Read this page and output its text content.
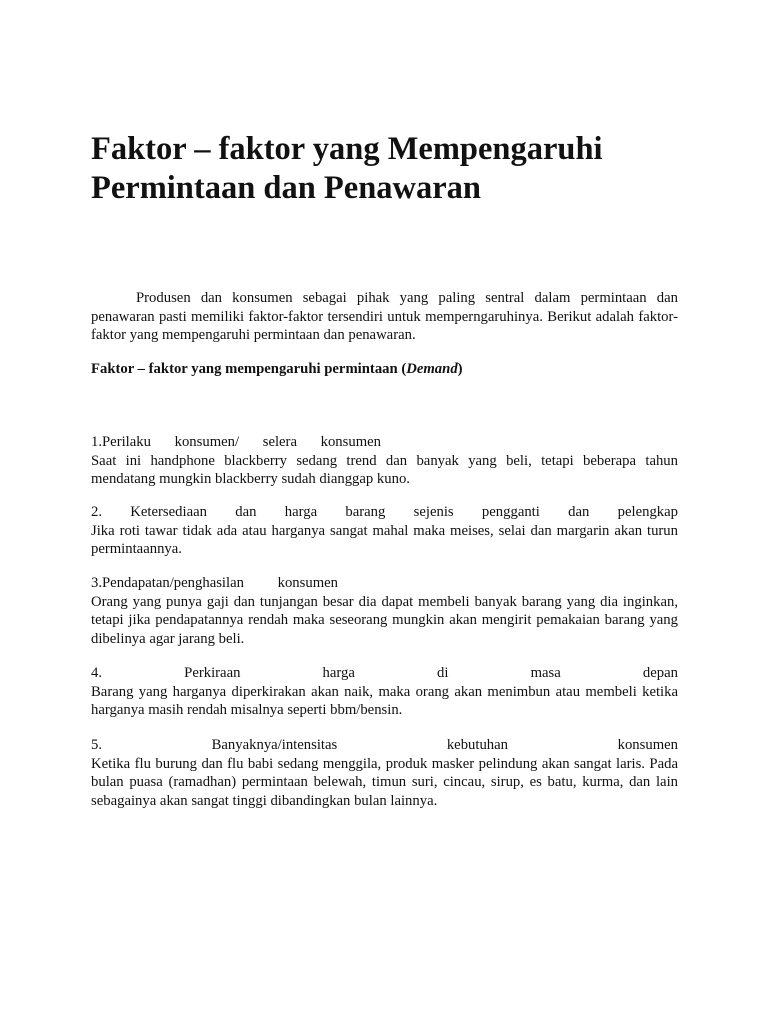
Faktor – faktor yang Mempengaruhi
Permintaan dan Penawaran

Produsen dan konsumen sebagai pihak yang paling sentral dalam permintaan dan penawaran pasti memiliki faktor-faktor tersendiri untuk memperngaruhinya. Berikut adalah faktor-faktor yang mempengaruhi permintaan dan penawaran.

Faktor – faktor yang mempengaruhi permintaan (Demand)

1.Perilaku konsumen/ selera konsumen

Saat ini handphone blackberry sedang trend dan banyak yang beli, tetapi beberapa tahun mendatang mungkin blackberry sudah dianggap kuno.

2. Ketersediaan dan harga barang sejenis pengganti dan pelengkap

Jika roti tawar tidak ada atau harganya sangat mahal maka meises, selai dan margarin akan turun permintaannya.

3.Pendapatan/penghasilan konsumen

Orang yang punya gaji dan tunjangan besar dia dapat membeli banyak barang yang dia inginkan, tetapi jika pendapatannya rendah maka seseorang mungkin akan mengirit pemakaian barang yang dibelinya agar jarang beli.

4. Perkiraan harga di masa depan

Barang yang harganya diperkirakan akan naik, maka orang akan menimbun atau membeli ketika harganya masih rendah misalnya seperti bbm/bensin.

5. Banyaknya/intensitas kebutuhan konsumen

Ketika flu burung dan flu babi sedang menggila, produk masker pelindung akan sangat laris. Pada bulan puasa (ramadhan) permintaan belewah, timun suri, cincau, sirup, es batu, kurma, dan lain sebagainya akan sangat tinggi dibandingkan bulan lainnya.
